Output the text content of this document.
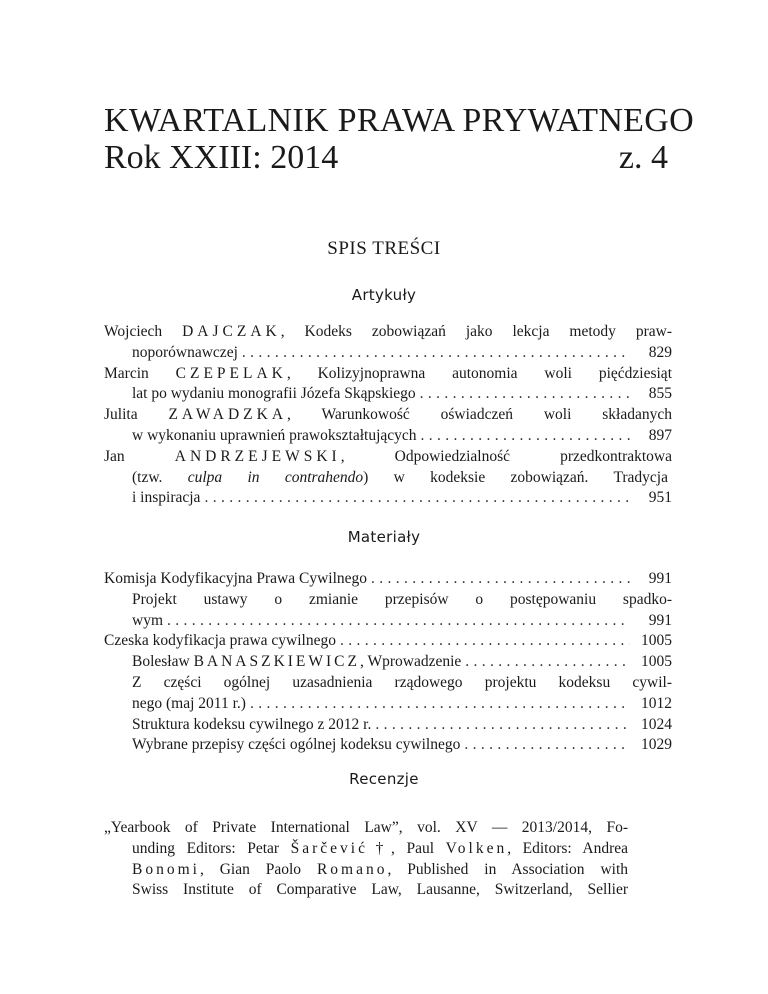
KWARTALNIK PRAWA PRYWATNEGO
Rok XXIII: 2014	z. 4
SPIS TREŚCI
Artykuły
Wojciech DAJCZAK, Kodeks zobowiązań jako lekcja metody praw-
noporównawczej . . .	829
Marcin CZEPELAK, Kolizyjnoprawna autonomia woli pięćdziesiąt
lat po wydaniu monografii Józefa Skąpskiego . . .	855
Julita ZAWADZKA, Warunkowość oświadczeń woli składanych
w wykonaniu uprawnień prawokształtujących . . .	897
Jan ANDRZEJEWSKI, Odpowiedzialność przedkontraktowa
(tzw. culpa in contrahendo) w kodeksie zobowiązań. Tradycja
i inspiracja . . .	951
Materiały
Komisja Kodyfikacyjna Prawa Cywilnego . . .	991
Projekt ustawy o zmianie przepisów o postępowaniu spadko-
wym . . .	991
Czeska kodyfikacja prawa cywilnego . . .	1005
Bolesław BANASZKIEWICZ, Wprowadzenie . . .	1005
Z części ogólnej uzasadnienia rządowego projektu kodeksu cywil-
nego (maj 2011 r.) . . .	1012
Struktura kodeksu cywilnego z 2012 r. . . .	1024
Wybrane przepisy części ogólnej kodeksu cywilnego . . .	1029
Recenzje
„Yearbook of Private International Law”, vol. XV — 2013/2014, Fo-
unding Editors: Petar Šarčević†, Paul Volken, Editors: Andrea
Bonomi, Gian Paolo Romano, Published in Association with
Swiss Institute of Comparative Law, Lausanne, Switzerland, Sellier
